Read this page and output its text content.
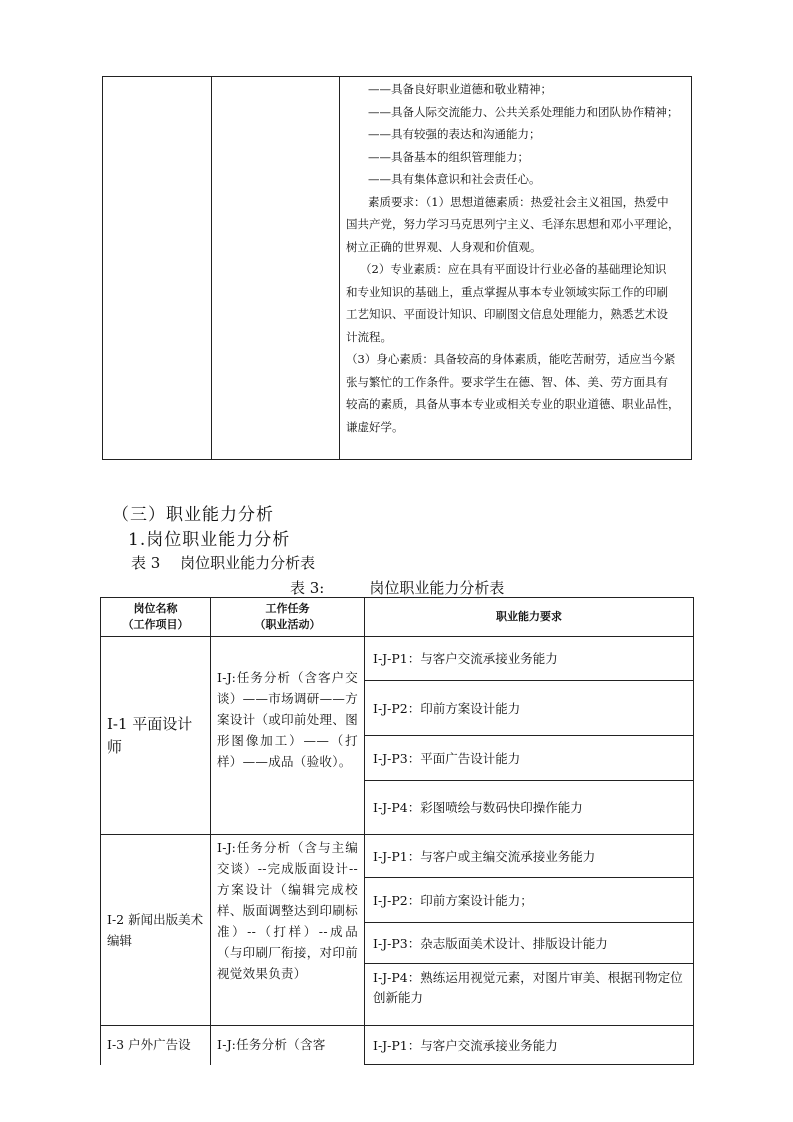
——具备良好职业道德和敬业精神；

——具备人际交流能力、公共关系处理能力和团队协作精神；

——具有较强的表达和沟通能力；

——具备基本的组织管理能力；

——具有集体意识和社会责任心。

素质要求：（1）思想道德素质：热爱社会主义祖国，热爱中

国共产党，努力学习马克思列宁主义、毛泽东思想和邓小平理论，

树立正确的世界观、人身观和价值观。

（2）专业素质：应在具有平面设计行业必备的基础理论知识

和专业知识的基础上，重点掌握从事本专业领域实际工作的印刷

工艺知识、平面设计知识、印刷图文信息处理能力，熟悉艺术设

计流程。

（3）身心素质：具备较高的身体素质，能吃苦耐劳，适应当今紧

张与繁忙的工作条件。要求学生在德、智、体、美、劳方面具有

较高的素质，具备从事本专业或相关专业的职业道德、职业品性，

谦虚好学。

（三）职业能力分析
1.岗位职业能力分析
表 3　 岗位职业能力分析表
表 3:　　　岗位职业能力分析表
岗位名称
（工作项目）
工作任务
（职业活动）
职业能力要求
I-1 平面设计师
I-J:任务分析（含客户交谈）——市场调研——方案设计（或印前处理、图形图像加工）——（打样）——成品（验收）。
I-J-P1：与客户交流承接业务能力
I-J-P2：印前方案设计能力
I-J-P3：平面广告设计能力
I-J-P4：彩图喷绘与数码快印操作能力
I-2 新闻出版美术编辑
I-J:任务分析（含与主编交谈）--完成版面设计--方案设计（编辑完成校样、版面调整达到印刷标准）--（打样）--成品（与印刷厂衔接，对印前视觉效果负责）
I-J-P1：与客户或主编交流承接业务能力
I-J-P2：印前方案设计能力；
I-J-P3：杂志版面美术设计、排版设计能力
I-J-P4：熟练运用视觉元素，对图片审美、根据刊物定位创新能力
I-3 户外广告设	I-J:任务分析（含客	I-J-P1：与客户交流承接业务能力
